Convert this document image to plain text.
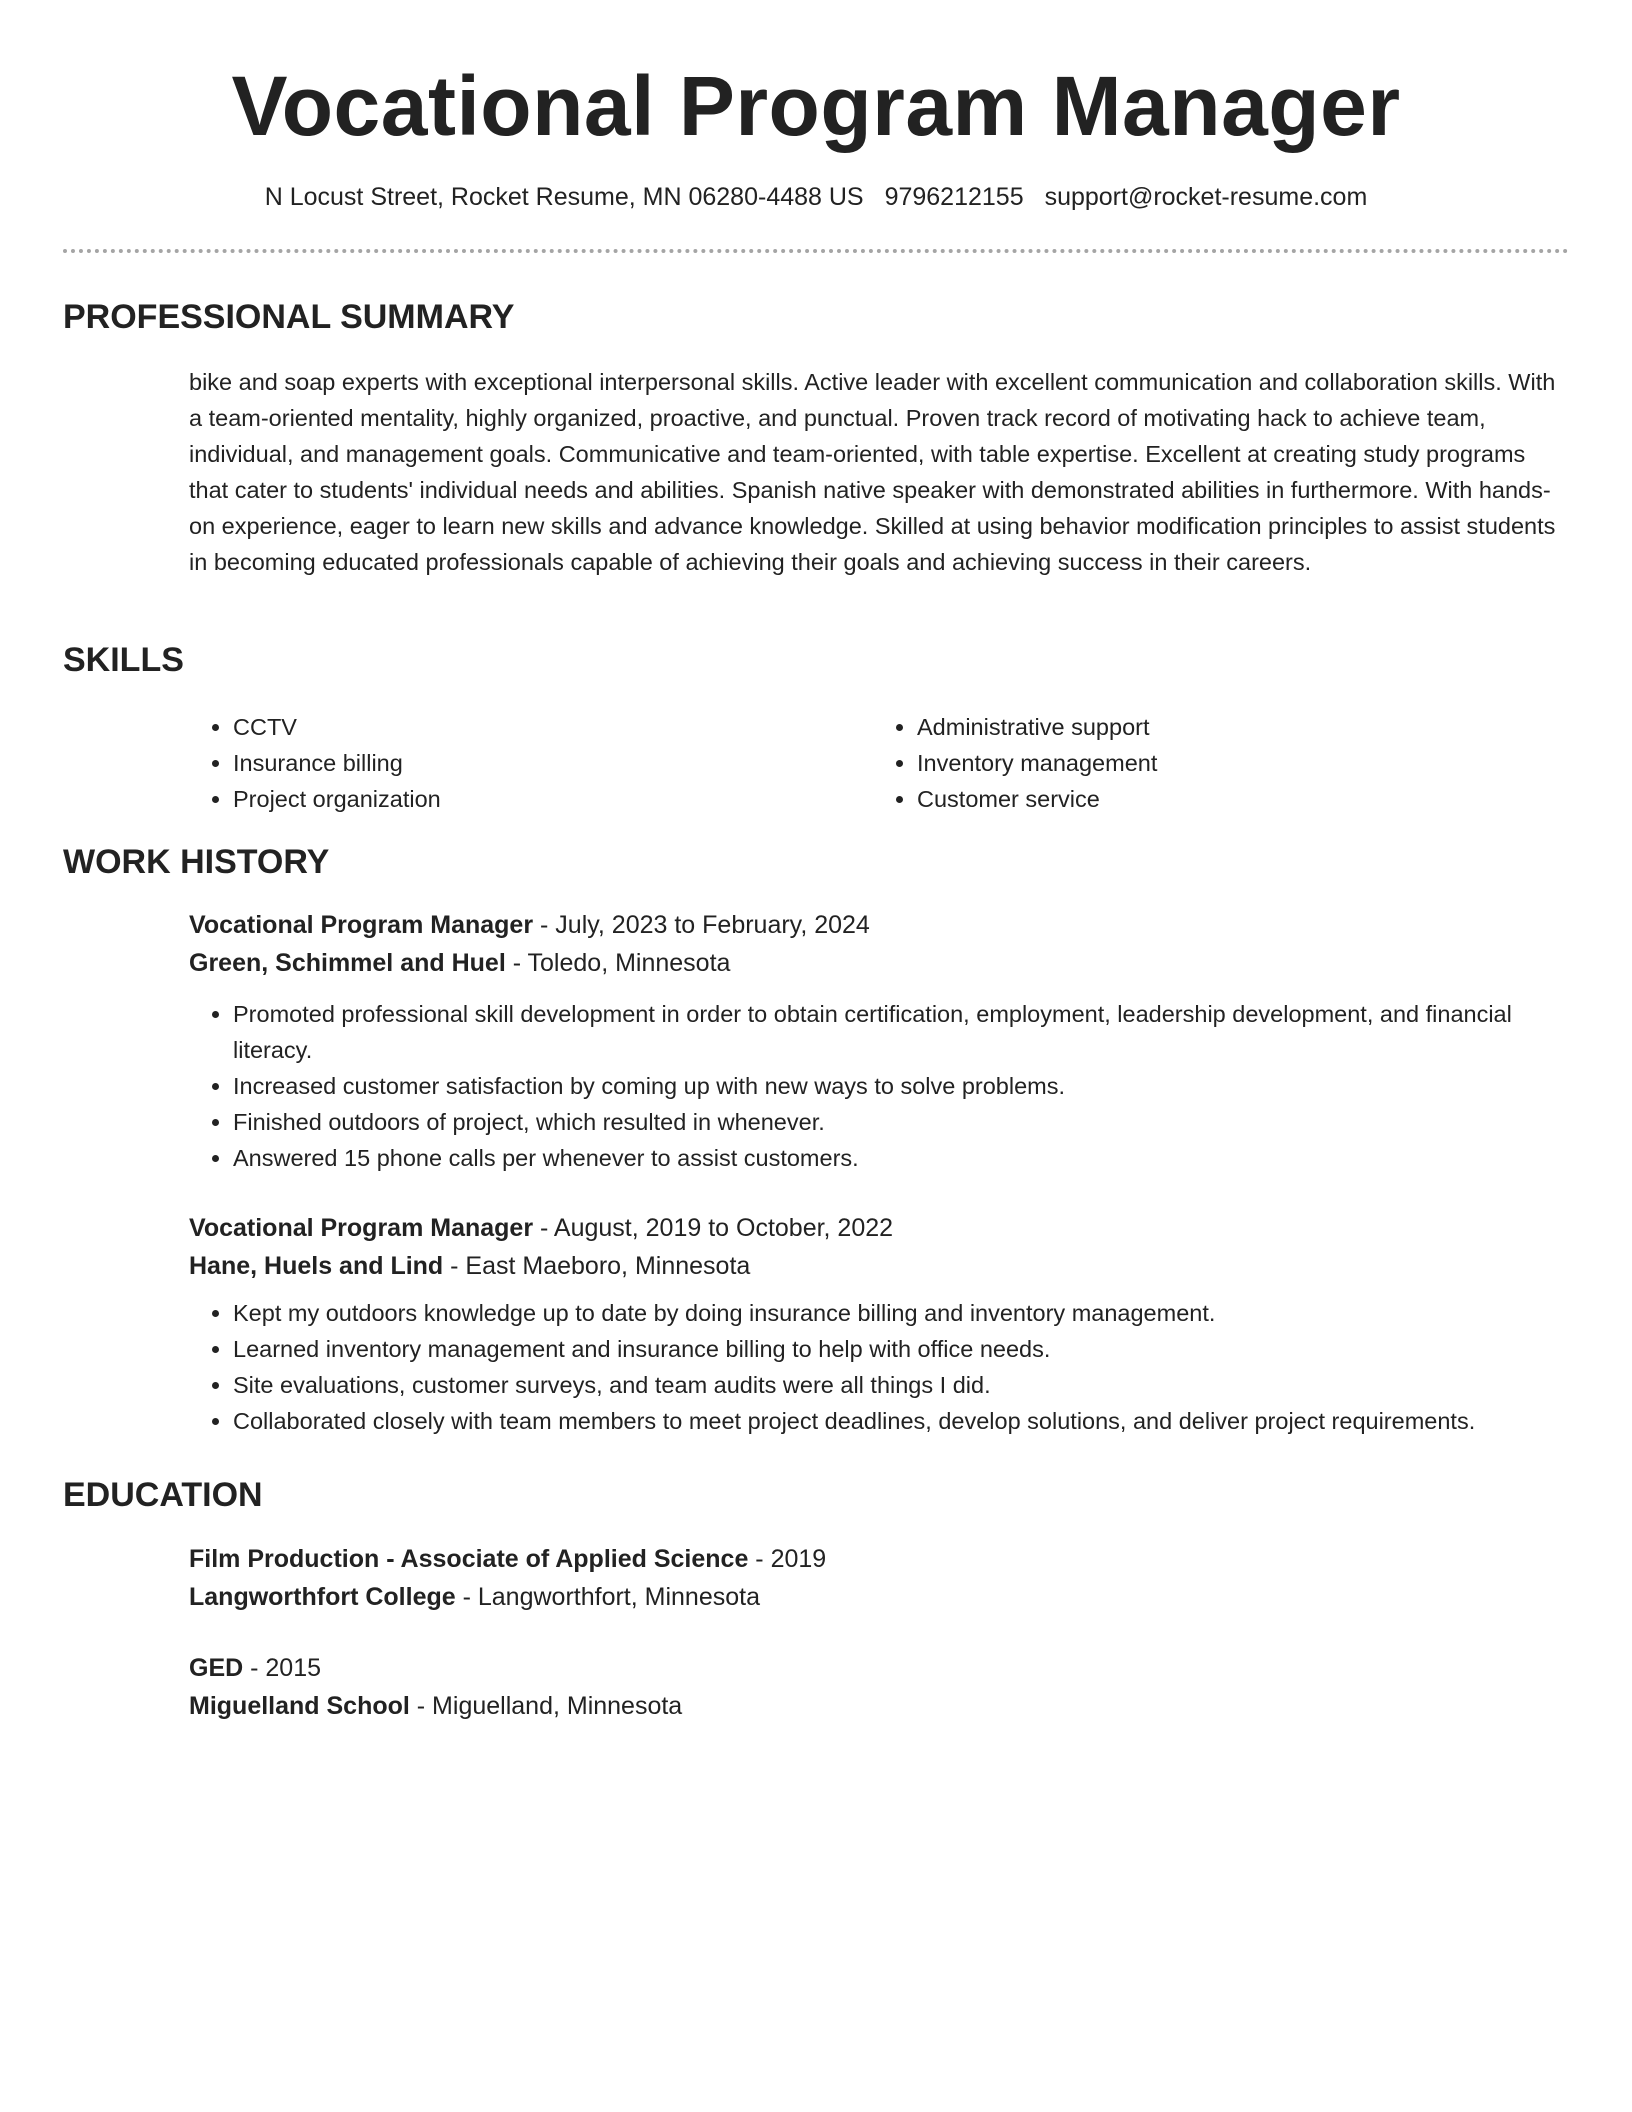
Vocational Program Manager
N Locust Street, Rocket Resume, MN 06280-4488 US 9796212155 support@rocket-resume.com
PROFESSIONAL SUMMARY

bike and soap experts with exceptional interpersonal skills. Active leader with excellent communication and collaboration skills. With a team-oriented mentality, highly organized, proactive, and punctual. Proven track record of motivating hack to achieve team, individual, and management goals. Communicative and team-oriented, with table expertise. Excellent at creating study programs that cater to students' individual needs and abilities. Spanish native speaker with demonstrated abilities in furthermore. With hands-on experience, eager to learn new skills and advance knowledge. Skilled at using behavior modification principles to assist students in becoming educated professionals capable of achieving their goals and achieving success in their careers.

SKILLS
• CCTV
• Insurance billing
• Project organization
• Administrative support
• Inventory management
• Customer service
WORK HISTORY

Vocational Program Manager - July, 2023 to February, 2024

Green, Schimmel and Huel - Toledo, Minnesota

• Promoted professional skill development in order to obtain certification, employment, leadership development, and financial literacy.
• Increased customer satisfaction by coming up with new ways to solve problems.
• Finished outdoors of project, which resulted in whenever.
• Answered 15 phone calls per whenever to assist customers.

Vocational Program Manager - August, 2019 to October, 2022

Hane, Huels and Lind - East Maeboro, Minnesota

• Kept my outdoors knowledge up to date by doing insurance billing and inventory management.
• Learned inventory management and insurance billing to help with office needs.
• Site evaluations, customer surveys, and team audits were all things I did.
• Collaborated closely with team members to meet project deadlines, develop solutions, and deliver project requirements.
EDUCATION

Film Production - Associate of Applied Science - 2019

Langworthfort College - Langworthfort, Minnesota

GED - 2015

Miguelland School - Miguelland, Minnesota
